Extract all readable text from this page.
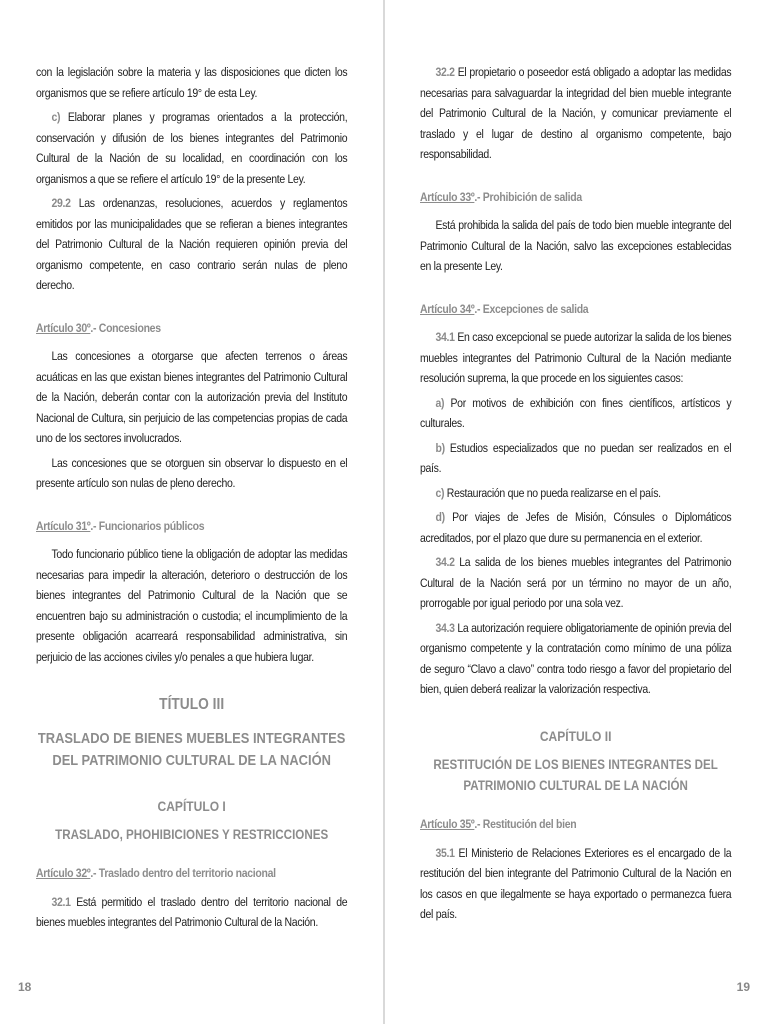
con la legislación sobre la materia y las disposiciones que dicten los organismos que se refiere artículo 19° de esta Ley.

c) Elaborar planes y programas orientados a la protección, conservación y difusión de los bienes integrantes del Patrimonio Cultural de la Nación de su localidad, en coordinación con los organismos a que se refiere el artículo 19° de la presente Ley.

29.2 Las ordenanzas, resoluciones, acuerdos y reglamentos emitidos por las municipalidades que se refieran a bienes integrantes del Patrimonio Cultural de la Nación requieren opinión previa del organismo competente, en caso contrario serán nulas de pleno derecho.

Artículo 30º.- Concesiones

Las concesiones a otorgarse que afecten terrenos o áreas acuáticas en las que existan bienes integrantes del Patrimonio Cultural de la Nación, deberán contar con la autorización previa del Instituto Nacional de Cultura, sin perjuicio de las competencias propias de cada uno de los sectores involucrados.

Las concesiones que se otorguen sin observar lo dispuesto en el presente artículo son nulas de pleno derecho.

Artículo 31º.- Funcionarios públicos

Todo funcionario público tiene la obligación de adoptar las medidas necesarias para impedir la alteración, deterioro o destrucción de los bienes integrantes del Patrimonio Cultural de la Nación que se encuentren bajo su administración o custodia; el incumplimiento de la presente obligación acarreará responsabilidad administrativa, sin perjuicio de las acciones civiles y/o penales a que hubiera lugar.

TÍTULO III
TRASLADO DE BIENES MUEBLES INTEGRANTES DEL PATRIMONIO CULTURAL DE LA NACIÓN
CAPÍTULO I
TRASLADO, PHOHIBICIONES Y RESTRICCIONES
Artículo 32º.- Traslado dentro del territorio nacional

32.1 Está permitido el traslado dentro del territorio nacional de bienes muebles integrantes del Patrimonio Cultural de la Nación.

18

32.2 El propietario o poseedor está obligado a adoptar las medidas necesarias para salvaguardar la integridad del bien mueble integrante del Patrimonio Cultural de la Nación, y comunicar previamente el traslado y el lugar de destino al organismo competente, bajo responsabilidad.

Artículo 33º.- Prohibición de salida

Está prohibida la salida del país de todo bien mueble integrante del Patrimonio Cultural de la Nación, salvo las excepciones establecidas en la presente Ley.

Artículo 34º.- Excepciones de salida

34.1 En caso excepcional se puede autorizar la salida de los bienes muebles integrantes del Patrimonio Cultural de la Nación mediante resolución suprema, la que procede en los siguientes casos:

a) Por motivos de exhibición con fines científicos, artísticos y culturales.

b) Estudios especializados que no puedan ser realizados en el país.

c) Restauración que no pueda realizarse en el país.

d) Por viajes de Jefes de Misión, Cónsules o Diplomáticos acreditados, por el plazo que dure su permanencia en el exterior.

34.2 La salida de los bienes muebles integrantes del Patrimonio Cultural de la Nación será por un término no mayor de un año, prorrogable por igual periodo por una sola vez.

34.3 La autorización requiere obligatoriamente de opinión previa del organismo competente y la contratación como mínimo de una póliza de seguro “Clavo a clavo” contra todo riesgo a favor del propietario del bien, quien deberá realizar la valorización respectiva.

CAPÍTULO II
RESTITUCIÓN DE LOS BIENES INTEGRANTES DEL PATRIMONIO CULTURAL DE LA NACIÓN
Artículo 35º.- Restitución del bien

35.1 El Ministerio de Relaciones Exteriores es el encargado de la restitución del bien integrante del Patrimonio Cultural de la Nación en los casos en que ilegalmente se haya exportado o permanezca fuera del país.

19
